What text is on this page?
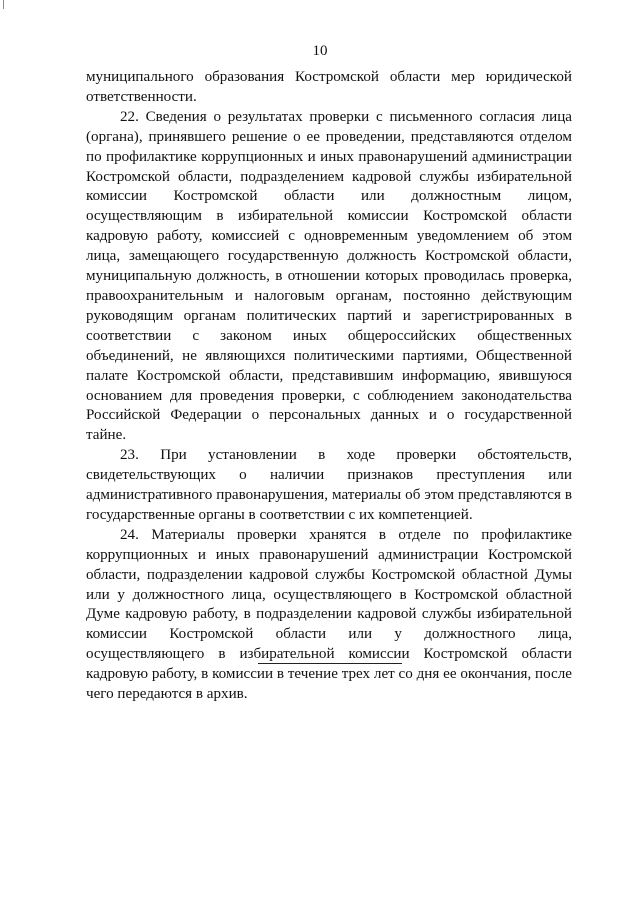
10

муниципального образования Костромской области мер юридической ответственности.

22. Сведения о результатах проверки с письменного согласия лица (органа), принявшего решение о ее проведении, представляются отделом по профилактике коррупционных и иных правонарушений администрации Костромской области, подразделением кадровой службы избирательной комиссии Костромской области или должностным лицом, осуществляющим в избирательной комиссии Костромской области кадровую работу, комиссией с одновременным уведомлением об этом лица, замещающего государственную должность Костромской области, муниципальную должность, в отношении которых проводилась проверка, правоохранительным и налоговым органам, постоянно действующим руководящим органам политических партий и зарегистрированных в соответствии с законом иных общероссийских общественных объединений, не являющихся политическими партиями, Общественной палате Костромской области, представившим информацию, явившуюся основанием для проведения проверки, с соблюдением законодательства Российской Федерации о персональных данных и о государственной тайне.

23. При установлении в ходе проверки обстоятельств, свидетельствующих о наличии признаков преступления или административного правонарушения, материалы об этом представляются в государственные органы в соответствии с их компетенцией.

24. Материалы проверки хранятся в отделе по профилактике коррупционных и иных правонарушений администрации Костромской области, подразделении кадровой службы Костромской областной Думы или у должностного лица, осуществляющего в Костромской областной Думе кадровую работу, в подразделении кадровой службы избирательной комиссии Костромской области или у должностного лица, осуществляющего в избирательной комиссии Костромской области кадровую работу, в комиссии в течение трех лет со дня ее окончания, после чего передаются в архив.
